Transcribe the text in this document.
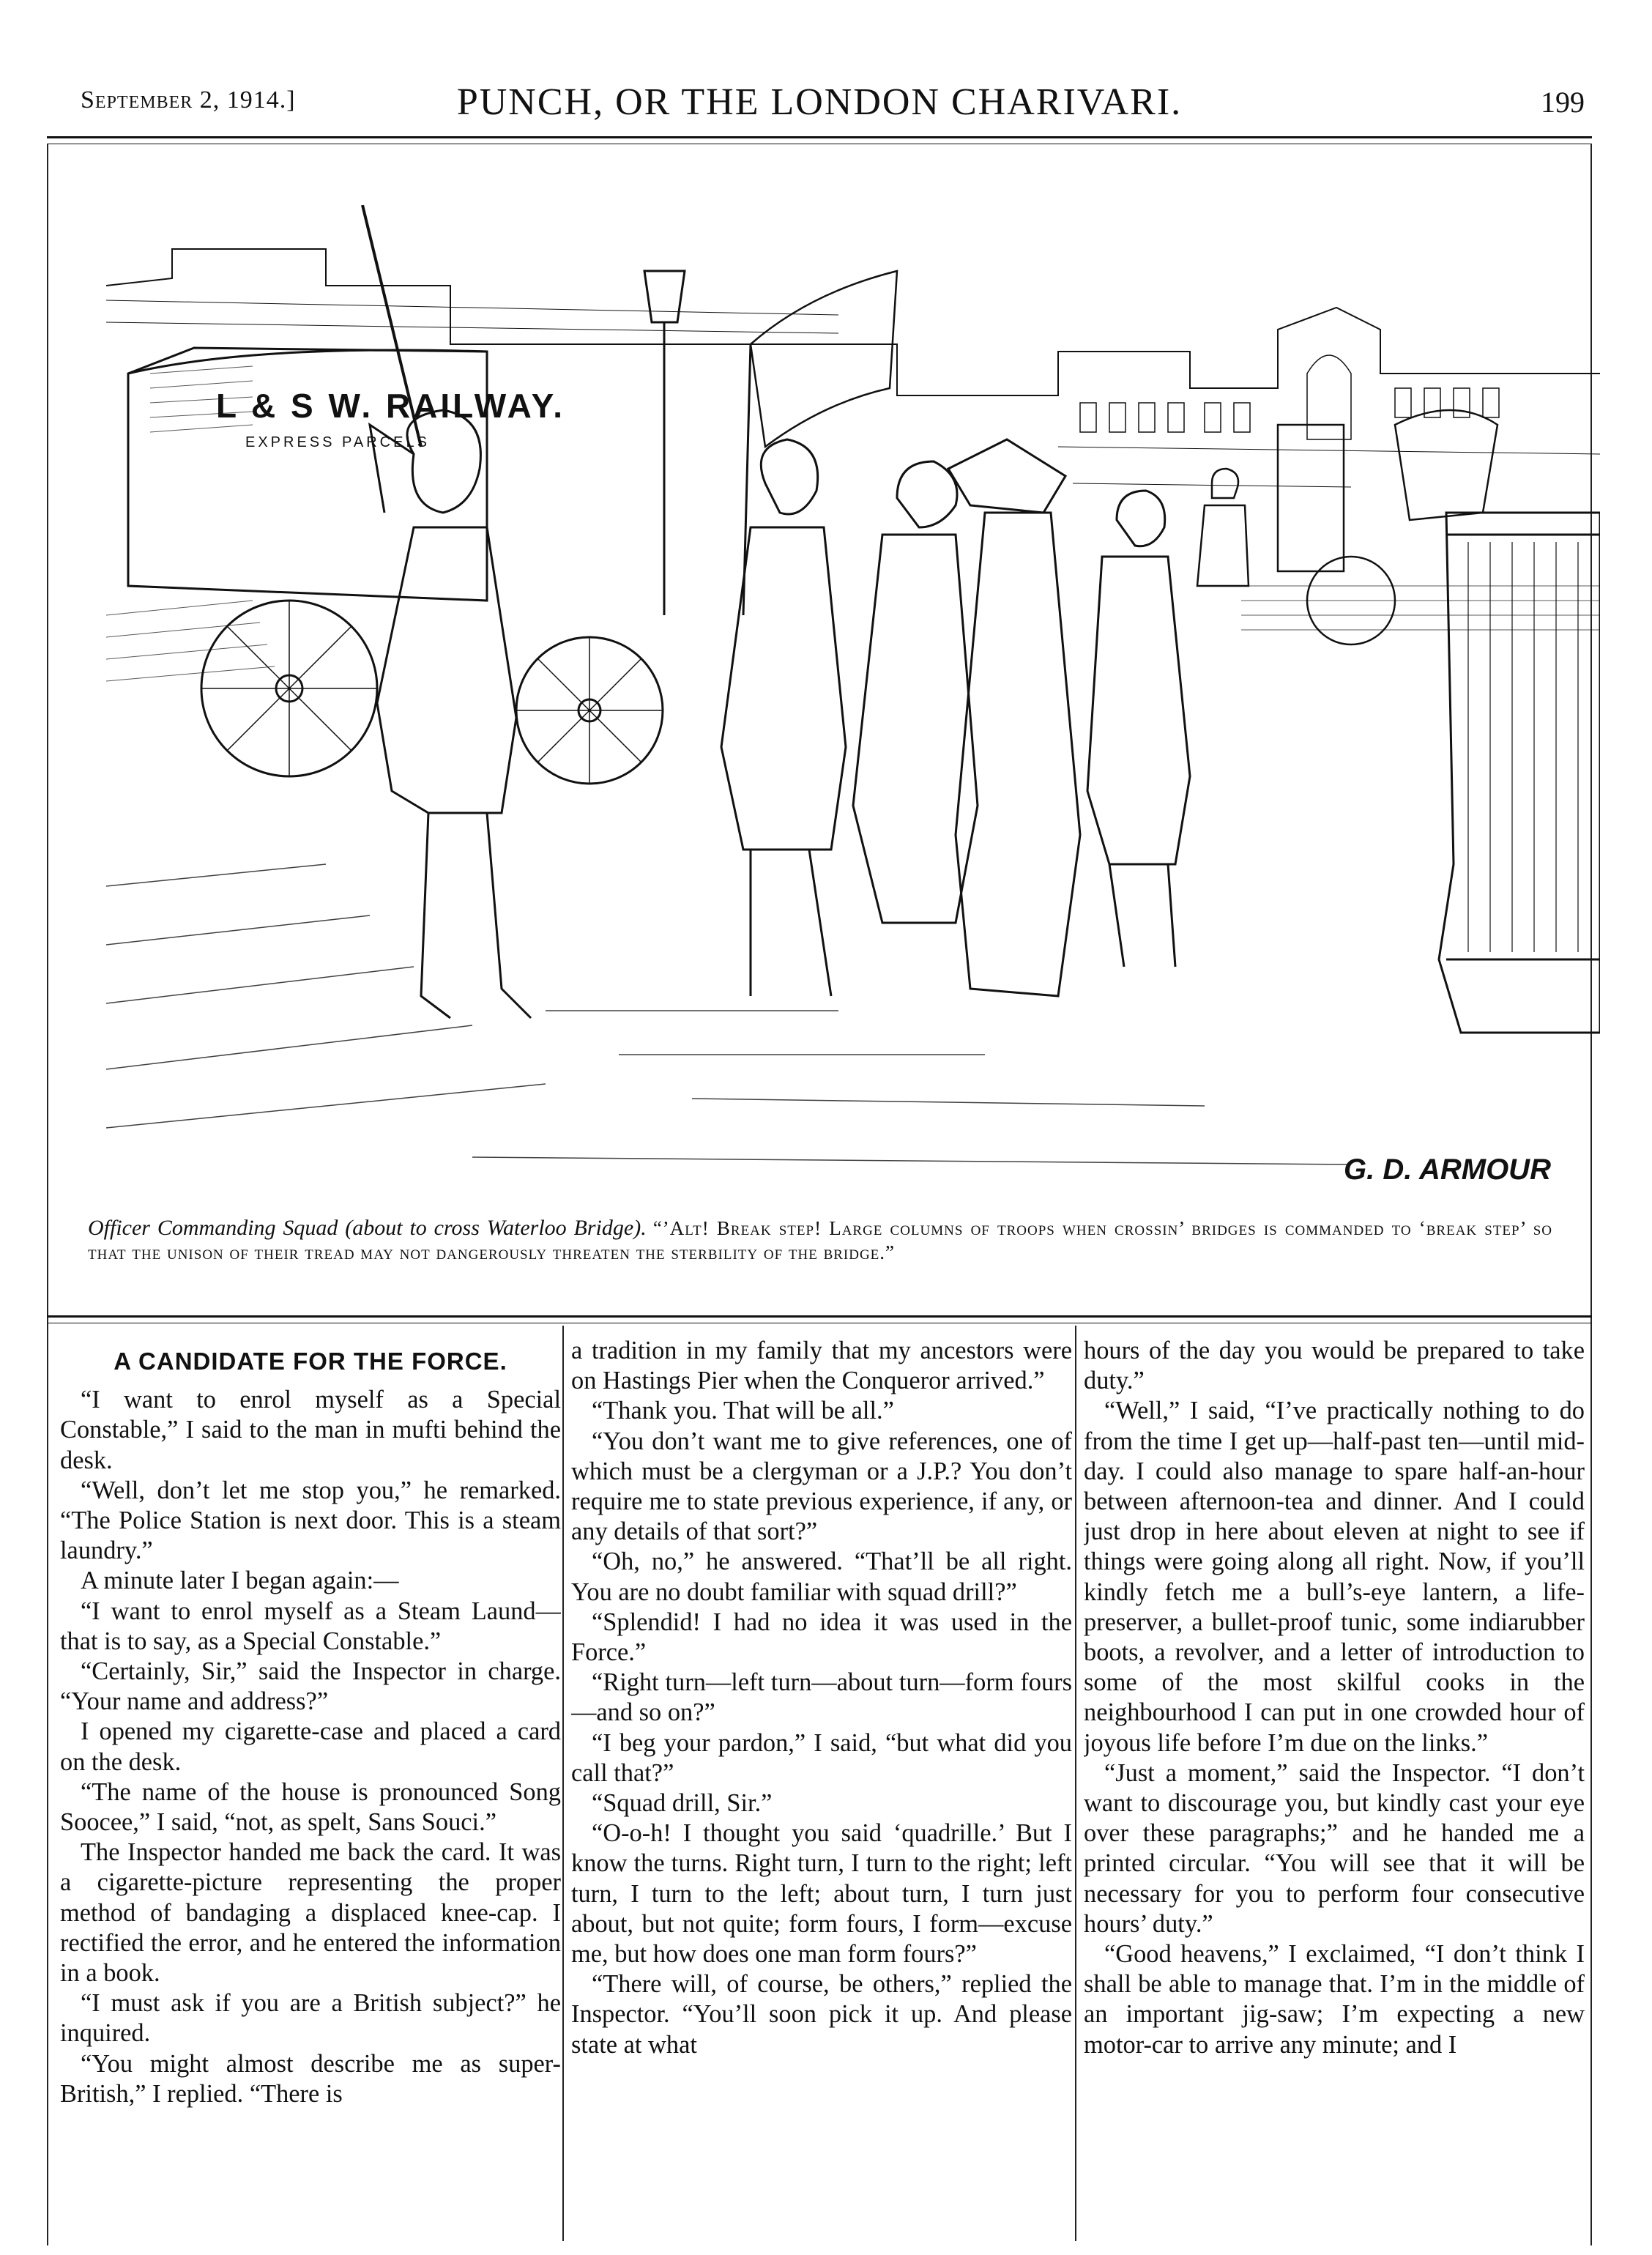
September 2, 1914.]	PUNCH, OR THE LONDON CHARIVARI.	199
L & S W. RAILWAY.
EXPRESS PARCELS
G. D. ARMOUR
Officer Commanding Squad (about to cross Waterloo Bridge). “’Alt! Break step! Large columns of troops when crossin’ bridges is commanded to ‘break step’ so that the unison of their tread may not dangerously threaten the sterbility of the bridge.”
A CANDIDATE FOR THE FORCE.

“I want to enrol myself as a Special Constable,” I said to the man in mufti behind the desk.

“Well, don’t let me stop you,” he remarked. “The Police Station is next door. This is a steam laundry.”

A minute later I began again:—

“I want to enrol myself as a Steam Laund—that is to say, as a Special Constable.”

“Certainly, Sir,” said the Inspector in charge. “Your name and address?”

I opened my cigarette-case and placed a card on the desk.

“The name of the house is pronounced Song Soocee,” I said, “not, as spelt, Sans Souci.”

The Inspector handed me back the card. It was a cigarette-picture representing the proper method of bandaging a displaced knee-cap. I rectified the error, and he entered the information in a book.

“I must ask if you are a British subject?” he inquired.

“You might almost describe me as super-British,” I replied. “There is

a tradition in my family that my ancestors were on Hastings Pier when the Conqueror arrived.”

“Thank you. That will be all.”

“You don’t want me to give references, one of which must be a clergyman or a J.P.? You don’t require me to state previous experience, if any, or any details of that sort?”

“Oh, no,” he answered. “That’ll be all right. You are no doubt familiar with squad drill?”

“Splendid! I had no idea it was used in the Force.”

“Right turn—left turn—about turn—form fours—and so on?”

“I beg your pardon,” I said, “but what did you call that?”

“Squad drill, Sir.”

“O-o-h! I thought you said ‘quadrille.’ But I know the turns. Right turn, I turn to the right; left turn, I turn to the left; about turn, I turn just about, but not quite; form fours, I form—excuse me, but how does one man form fours?”

“There will, of course, be others,” replied the Inspector. “You’ll soon pick it up. And please state at what

hours of the day you would be prepared to take duty.”

“Well,” I said, “I’ve practically nothing to do from the time I get up—half-past ten—until mid-day. I could also manage to spare half-an-hour between afternoon-tea and dinner. And I could just drop in here about eleven at night to see if things were going along all right. Now, if you’ll kindly fetch me a bull’s-eye lantern, a life-preserver, a bullet-proof tunic, some indiarubber boots, a revolver, and a letter of introduction to some of the most skilful cooks in the neighbourhood I can put in one crowded hour of joyous life before I’m due on the links.”

“Just a moment,” said the Inspector. “I don’t want to discourage you, but kindly cast your eye over these paragraphs;” and he handed me a printed circular. “You will see that it will be necessary for you to perform four consecutive hours’ duty.”

“Good heavens,” I exclaimed, “I don’t think I shall be able to manage that. I’m in the middle of an important jig-saw; I’m expecting a new motor-car to arrive any minute; and I
